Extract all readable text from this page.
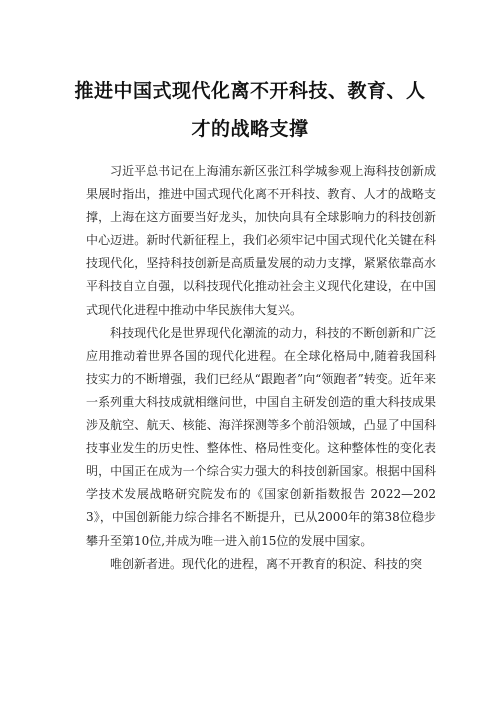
推进中国式现代化离不开科技、教育、人
才的战略支撑

习近平总书记在上海浦东新区张江科学城参观上海科技创新成果展时指出，推进中国式现代化离不开科技、教育、人才的战略支撑，上海在这方面要当好龙头，加快向具有全球影响力的科技创新中心迈进。新时代新征程上，我们必须牢记中国式现代化关键在科技现代化，坚持科技创新是高质量发展的动力支撑，紧紧依靠高水平科技自立自强，以科技现代化推动社会主义现代化建设，在中国式现代化进程中推动中华民族伟大复兴。

科技现代化是世界现代化潮流的动力，科技的不断创新和广泛应用推动着世界各国的现代化进程。在全球化格局中,随着我国科技实力的不断增强，我们已经从“跟跑者”向“领跑者”转变。近年来一系列重大科技成就相继问世，中国自主研发创造的重大科技成果涉及航空、航天、核能、海洋探测等多个前沿领域，凸显了中国科技事业发生的历史性、整体性、格局性变化。这种整体性的变化表明，中国正在成为一个综合实力强大的科技创新国家。根据中国科学技术发展战略研究院发布的《国家创新指数报告 2022—2023》，中国创新能力综合排名不断提升，已从2000年的第38位稳步攀升至第10位,并成为唯一进入前15位的发展中国家。

唯创新者进。现代化的进程，离不开教育的积淀、科技的突
